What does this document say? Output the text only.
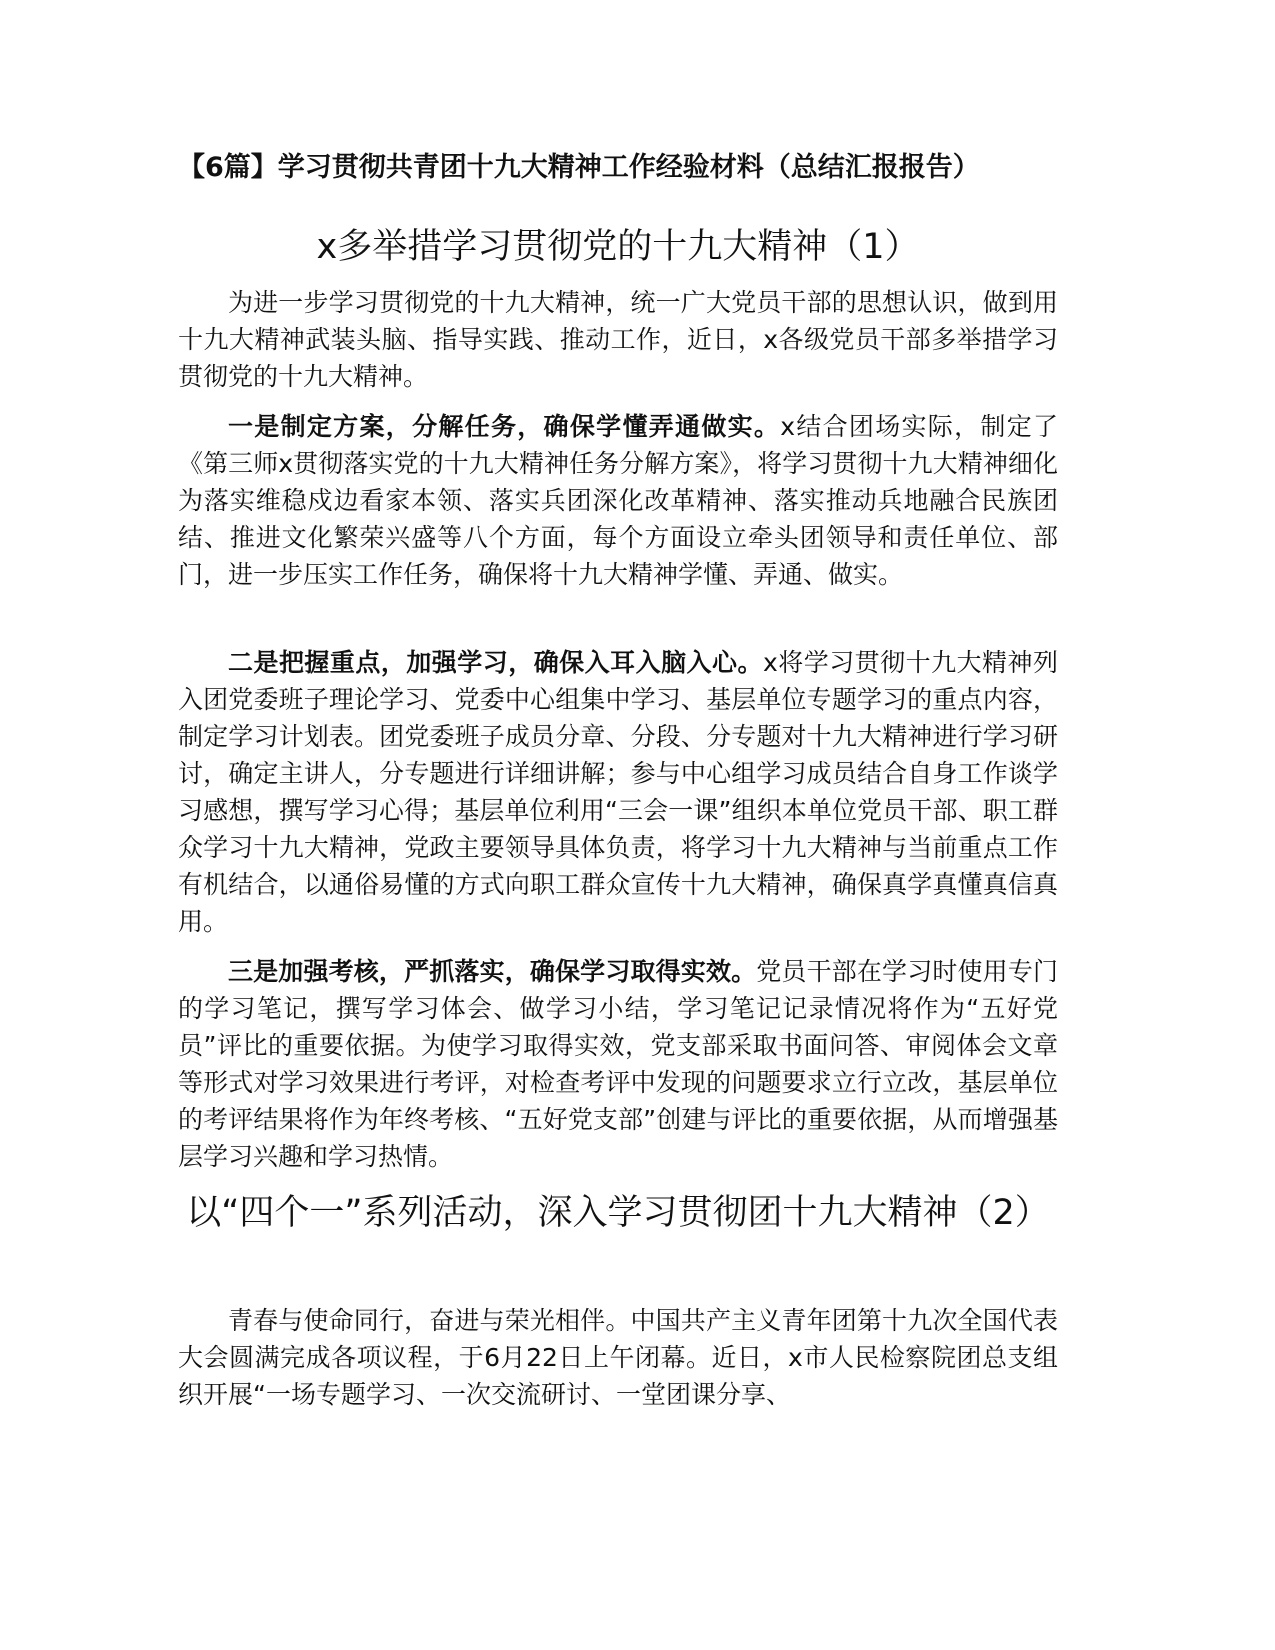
【6篇】学习贯彻共青团十九大精神工作经验材料（总结汇报报告）
x多举措学习贯彻党的十九大精神（1）

为进一步学习贯彻党的十九大精神，统一广大党员干部的思想认识，做到用十九大精神武装头脑、指导实践、推动工作，近日，x各级党员干部多举措学习贯彻党的十九大精神。

一是制定方案，分解任务，确保学懂弄通做实。x结合团场实际，制定了《第三师x贯彻落实党的十九大精神任务分解方案》，将学习贯彻十九大精神细化为落实维稳戍边看家本领、落实兵团深化改革精神、落实推动兵地融合民族团结、推进文化繁荣兴盛等八个方面，每个方面设立牵头团领导和责任单位、部门，进一步压实工作任务，确保将十九大精神学懂、弄通、做实。

二是把握重点，加强学习，确保入耳入脑入心。x将学习贯彻十九大精神列入团党委班子理论学习、党委中心组集中学习、基层单位专题学习的重点内容，制定学习计划表。团党委班子成员分章、分段、分专题对十九大精神进行学习研讨，确定主讲人，分专题进行详细讲解；参与中心组学习成员结合自身工作谈学习感想，撰写学习心得；基层单位利用“三会一课”组织本单位党员干部、职工群众学习十九大精神，党政主要领导具体负责，将学习十九大精神与当前重点工作有机结合，以通俗易懂的方式向职工群众宣传十九大精神，确保真学真懂真信真用。

三是加强考核，严抓落实，确保学习取得实效。党员干部在学习时使用专门的学习笔记，撰写学习体会、做学习小结，学习笔记记录情况将作为“五好党员”评比的重要依据。为使学习取得实效，党支部采取书面问答、审阅体会文章等形式对学习效果进行考评，对检查考评中发现的问题要求立行立改，基层单位的考评结果将作为年终考核、“五好党支部”创建与评比的重要依据，从而增强基层学习兴趣和学习热情。

以“四个一”系列活动，深入学习贯彻团十九大精神（2）

青春与使命同行，奋进与荣光相伴。中国共产主义青年团第十九次全国代表大会圆满完成各项议程，于6月22日上午闭幕。近日，x市人民检察院团总支组织开展“一场专题学习、一次交流研讨、一堂团课分享、
